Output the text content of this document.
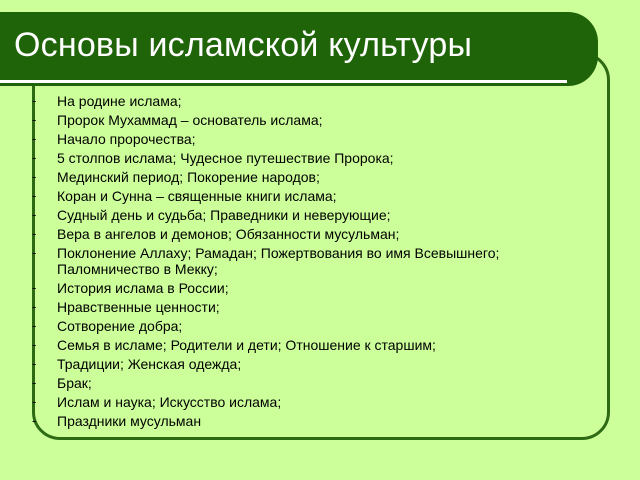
Основы исламской культуры
- На родине ислама;
- Пророк Мухаммад – основатель ислама;
- Начало пророчества;
- 5 столпов ислама; Чудесное путешествие Пророка;
- Мединский период; Покорение народов;
- Коран и Сунна – священные книги ислама;
- Судный день и судьба; Праведники и неверующие;
- Вера в ангелов и демонов; Обязанности мусульман;
- Поклонение Аллаху; Рамадан; Пожертвования во имя Всевышнего; Паломничество в Мекку;
- История ислама в России;
- Нравственные ценности;
- Сотворение добра;
- Семья в исламе; Родители и дети; Отношение к старшим;
- Традиции; Женская одежда;
- Брак;
- Ислам и наука; Искусство ислама;
- Праздники мусульман
